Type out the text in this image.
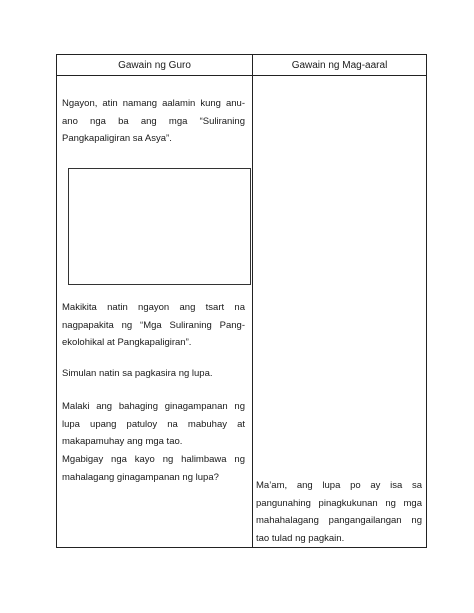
Gawain ng Guro	Gawain ng Mag-aaral

Ngayon, atin namang aalamin kung anu-ano nga ba ang mga “Suliraning Pangkapaligiran sa Asya”.

Makikita natin ngayon ang tsart na nagpapakita ng “Mga Suliraning Pang-ekolohikal at Pangkapaligiran”.

Simulan natin sa pagkasira ng lupa.

Malaki ang bahaging ginagampanan ng lupa upang patuloy na mabuhay at makapamuhay ang mga tao.

Mgabigay nga kayo ng halimbawa ng mahalagang ginagampanan ng lupa?

Ma’am, ang lupa po ay isa sa pangunahing pinagkukunan ng mga mahahalagang pangangailangan ng tao tulad ng pagkain.
